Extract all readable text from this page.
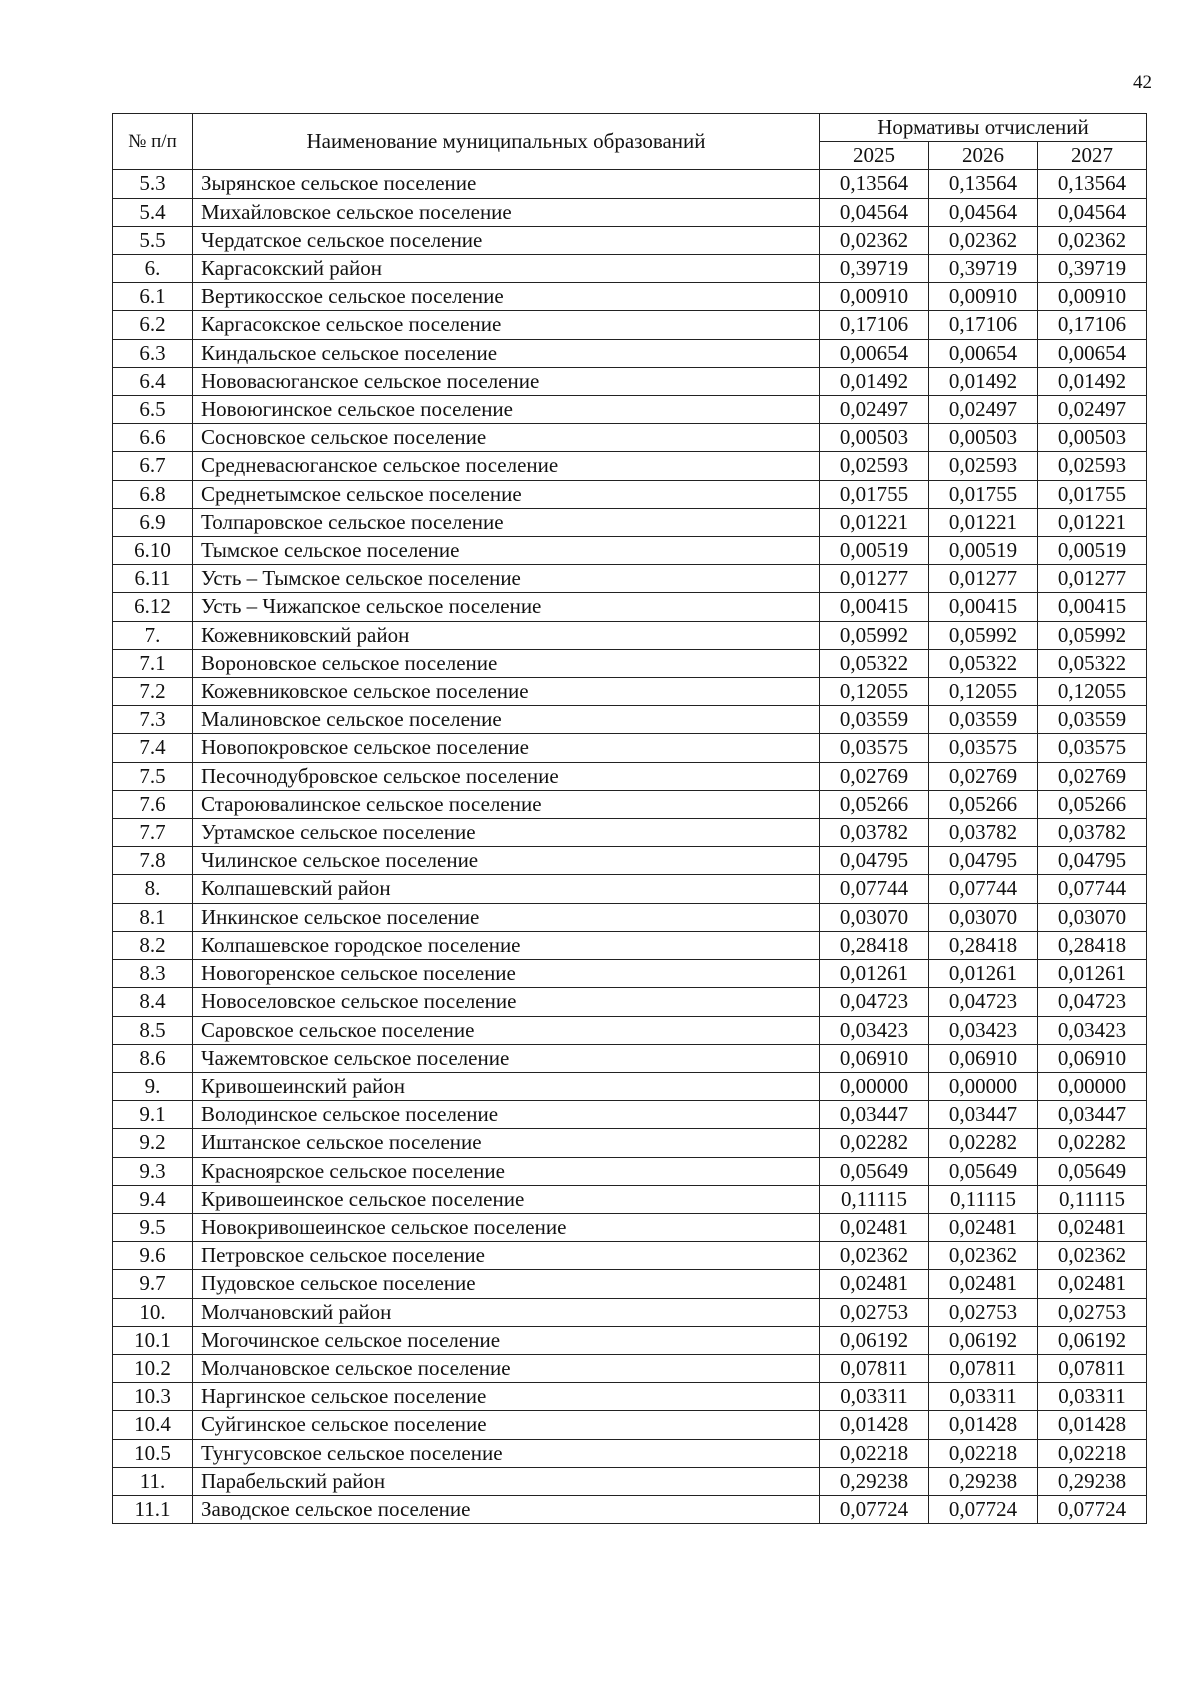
42
№ п/п	Наименование муниципальных образований	Нормативы отчислений		
		2025	2026	2027
5.3	Зырянское сельское поселение	0,13564	0,13564	0,13564
5.4	Михайловское сельское поселение	0,04564	0,04564	0,04564
5.5	Чердатское сельское поселение	0,02362	0,02362	0,02362
6.	Каргасокский район	0,39719	0,39719	0,39719
6.1	Вертикосское сельское поселение	0,00910	0,00910	0,00910
6.2	Каргасокское сельское поселение	0,17106	0,17106	0,17106
6.3	Киндальское сельское поселение	0,00654	0,00654	0,00654
6.4	Нововасюганское сельское поселение	0,01492	0,01492	0,01492
6.5	Новоюгинское сельское поселение	0,02497	0,02497	0,02497
6.6	Сосновское сельское поселение	0,00503	0,00503	0,00503
6.7	Средневасюганское сельское поселение	0,02593	0,02593	0,02593
6.8	Среднетымское сельское поселение	0,01755	0,01755	0,01755
6.9	Толпаровское сельское поселение	0,01221	0,01221	0,01221
6.10	Тымское сельское поселение	0,00519	0,00519	0,00519
6.11	Усть – Тымское сельское поселение	0,01277	0,01277	0,01277
6.12	Усть – Чижапское сельское поселение	0,00415	0,00415	0,00415
7.	Кожевниковский район	0,05992	0,05992	0,05992
7.1	Вороновское сельское поселение	0,05322	0,05322	0,05322
7.2	Кожевниковское сельское поселение	0,12055	0,12055	0,12055
7.3	Малиновское сельское поселение	0,03559	0,03559	0,03559
7.4	Новопокровское сельское поселение	0,03575	0,03575	0,03575
7.5	Песочнодубровское сельское поселение	0,02769	0,02769	0,02769
7.6	Староювалинское сельское поселение	0,05266	0,05266	0,05266
7.7	Уртамское сельское поселение	0,03782	0,03782	0,03782
7.8	Чилинское сельское поселение	0,04795	0,04795	0,04795
8.	Колпашевский район	0,07744	0,07744	0,07744
8.1	Инкинское сельское поселение	0,03070	0,03070	0,03070
8.2	Колпашевское городское поселение	0,28418	0,28418	0,28418
8.3	Новогоренское сельское поселение	0,01261	0,01261	0,01261
8.4	Новоселовское сельское поселение	0,04723	0,04723	0,04723
8.5	Саровское сельское поселение	0,03423	0,03423	0,03423
8.6	Чажемтовское сельское поселение	0,06910	0,06910	0,06910
9.	Кривошеинский район	0,00000	0,00000	0,00000
9.1	Володинское сельское поселение	0,03447	0,03447	0,03447
9.2	Иштанское сельское поселение	0,02282	0,02282	0,02282
9.3	Красноярское сельское поселение	0,05649	0,05649	0,05649
9.4	Кривошеинское сельское поселение	0,11115	0,11115	0,11115
9.5	Новокривошеинское сельское поселение	0,02481	0,02481	0,02481
9.6	Петровское сельское поселение	0,02362	0,02362	0,02362
9.7	Пудовское сельское поселение	0,02481	0,02481	0,02481
10.	Молчановский район	0,02753	0,02753	0,02753
10.1	Могочинское сельское поселение	0,06192	0,06192	0,06192
10.2	Молчановское сельское поселение	0,07811	0,07811	0,07811
10.3	Наргинское сельское поселение	0,03311	0,03311	0,03311
10.4	Суйгинское сельское поселение	0,01428	0,01428	0,01428
10.5	Тунгусовское сельское поселение	0,02218	0,02218	0,02218
11.	Парабельский район	0,29238	0,29238	0,29238
11.1	Заводское сельское поселение	0,07724	0,07724	0,07724
